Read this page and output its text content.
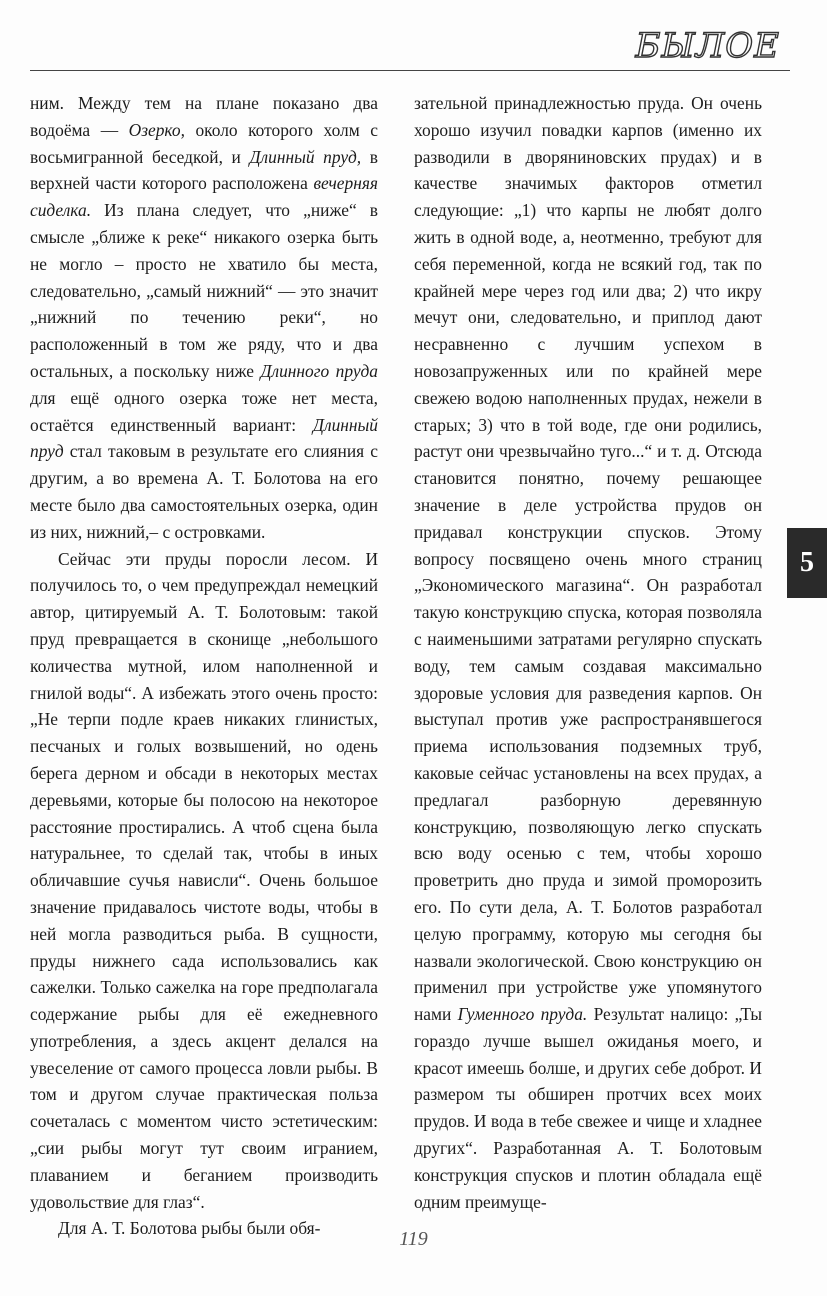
БЫЛОЕ

ним. Между тем на плане показано два водоёма — Озерко, около которого холм с восьмигранной беседкой, и Длинный пруд, в верхней части которого расположена вечерняя сиделка. Из плана следует, что „ниже“ в смысле „ближе к реке“ никакого озерка быть не могло – просто не хватило бы места, следовательно, „самый нижний“ — это значит „нижний по течению реки“, но расположенный в том же ряду, что и два остальных, а поскольку ниже Длинного пруда для ещё одного озерка тоже нет места, остаётся единственный вариант: Длинный пруд стал таковым в результате его слияния с другим, а во времена А. Т. Болотова на его месте было два самостоятельных озерка, один из них, нижний,– с островками.

Сейчас эти пруды поросли лесом. И получилось то, о чем предупреждал немецкий автор, цитируемый А. Т. Болотовым: такой пруд превращается в сконище „небольшого количества мутной, илом наполненной и гнилой воды“. А избежать этого очень просто: „Не терпи подле краев никаких глинистых, песчаных и голых возвышений, но одень берега дерном и обсади в некоторых местах деревьями, которые бы полосою на некоторое расстояние простирались. А чтоб сцена была натуральнее, то сделай так, чтобы в иных обличавшие сучья нависли“. Очень большое значение придавалось чистоте воды, чтобы в ней могла разводиться рыба. В сущности, пруды нижнего сада использовались как сажелки. Только сажелка на горе предполагала содержание рыбы для её ежедневного употребления, а здесь акцент делался на увеселение от самого процесса ловли рыбы. В том и другом случае практическая польза сочеталась с моментом чисто эстетическим: „сии рыбы могут тут своим игранием, плаванием и беганием производить удовольствие для глаз“.

Для А. Т. Болотова рыбы были обя-

зательной принадлежностью пруда. Он очень хорошо изучил повадки карпов (именно их разводили в дворяниновских прудах) и в качестве значимых факторов отметил следующие: „1) что карпы не любят долго жить в одной воде, а, неотменно, требуют для себя переменной, когда не всякий год, так по крайней мере через год или два; 2) что икру мечут они, следовательно, и приплод дают несравненно с лучшим успехом в новозапруженных или по крайней мере свежею водою наполненных прудах, нежели в старых; 3) что в той воде, где они родились, растут они чрезвычайно туго...“ и т. д. Отсюда становится понятно, почему решающее значение в деле устройства прудов он придавал конструкции спусков. Этому вопросу посвящено очень много страниц „Экономического магазина“. Он разработал такую конструкцию спуска, которая позволяла с наименьшими затратами регулярно спускать воду, тем самым создавая максимально здоровые условия для разведения карпов. Он выступал против уже распространявшегося приема использования подземных труб, каковые сейчас установлены на всех прудах, а предлагал разборную деревянную конструкцию, позволяющую легко спускать всю воду осенью с тем, чтобы хорошо проветрить дно пруда и зимой проморозить его. По сути дела, А. Т. Болотов разработал целую программу, которую мы сегодня бы назвали экологической. Свою конструкцию он применил при устройстве уже упомянутого нами Гуменного пруда. Результат налицо: „Ты гораздо лучше вышел ожиданья моего, и красот имеешь болше, и других себе доброт. И размером ты обширен протчих всех моих прудов. И вода в тебе свежее и чище и хладнее других“. Разработанная А. Т. Болотовым конструкция спусков и плотин обладала ещё одним преимуще-

5
119
